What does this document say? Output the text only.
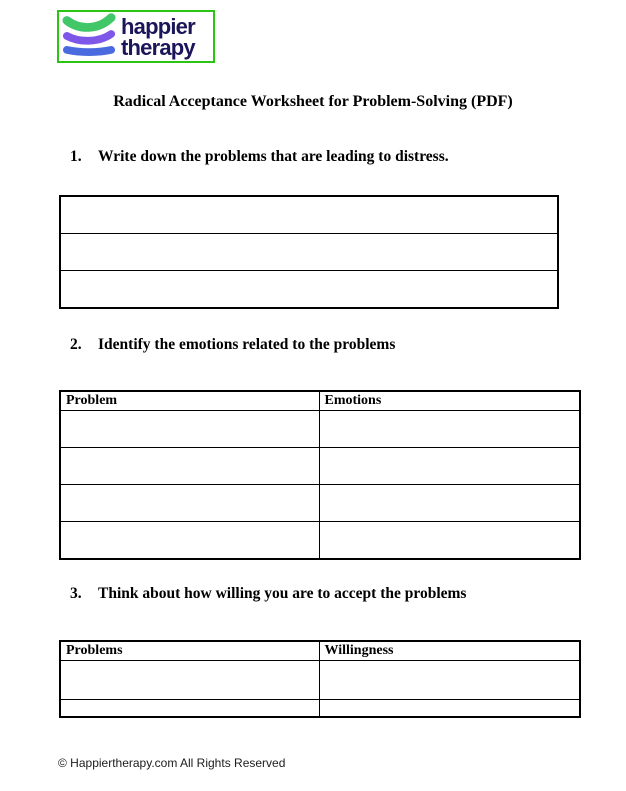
happier
therapy
Radical Acceptance Worksheet for Problem-Solving (PDF)
1.	Write down the problems that are leading to distress.

2.	Identify the emotions related to the problems
Problem	Emotions

3.	Think about how willing you are to accept the problems
Problems	Willingness

© Happiertherapy.com All Rights Reserved
